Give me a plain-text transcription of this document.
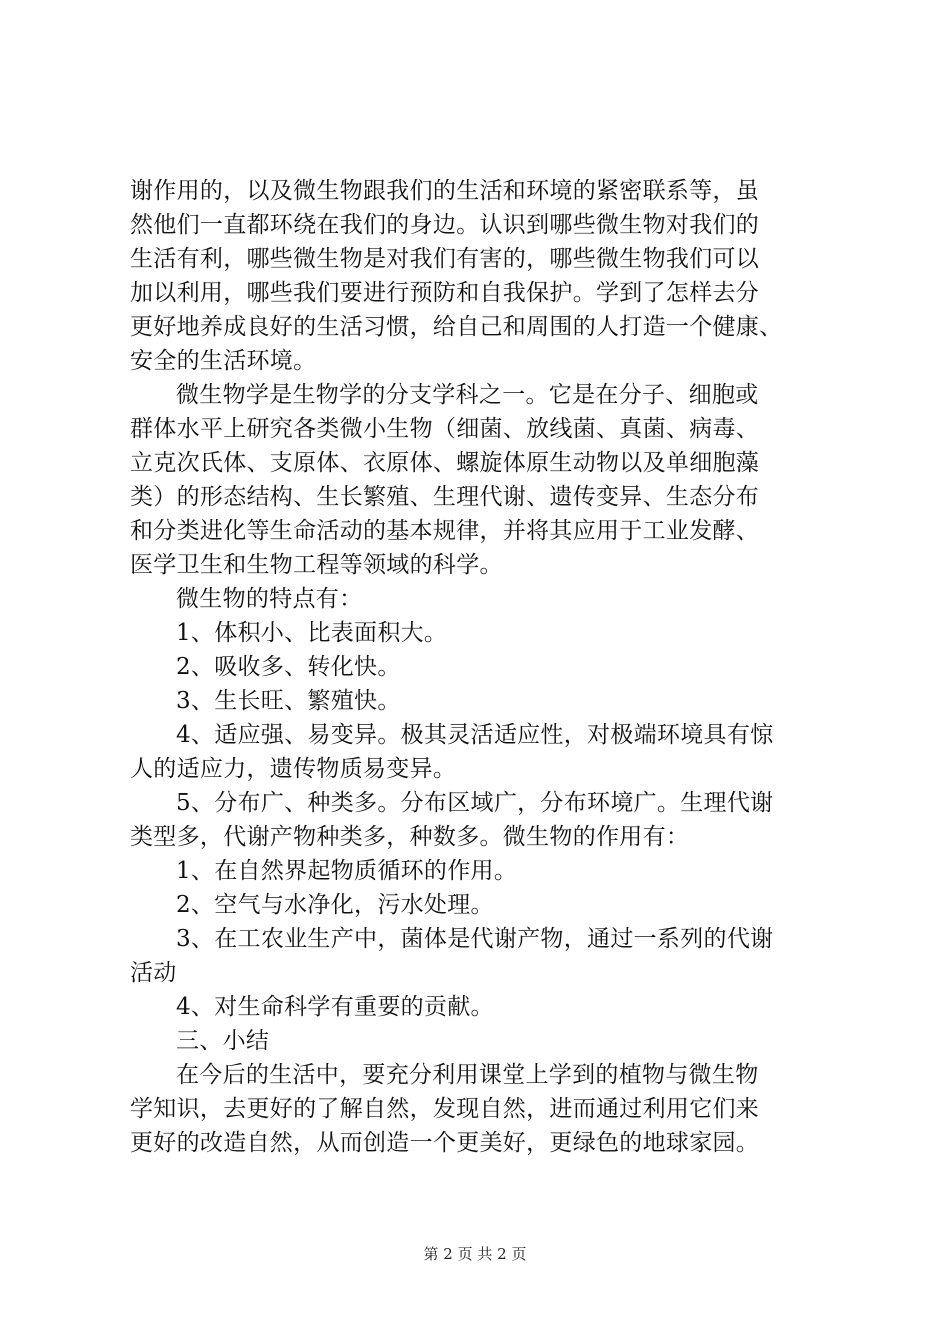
谢作用的，以及微生物跟我们的生活和环境的紧密联系等，虽
然他们一直都环绕在我们的身边。认识到哪些微生物对我们的
生活有利，哪些微生物是对我们有害的，哪些微生物我们可以
加以利用，哪些我们要进行预防和自我保护。学到了怎样去分
更好地养成良好的生活习惯，给自己和周围的人打造一个健康、
安全的生活环境。
微生物学是生物学的分支学科之一。它是在分子、细胞或
群体水平上研究各类微小生物（细菌、放线菌、真菌、病毒、
立克次氏体、支原体、衣原体、螺旋体原生动物以及单细胞藻
类）的形态结构、生长繁殖、生理代谢、遗传变异、生态分布
和分类进化等生命活动的基本规律，并将其应用于工业发酵、
医学卫生和生物工程等领域的科学。
微生物的特点有：
1、体积小、比表面积大。
2、吸收多、转化快。
3、生长旺、繁殖快。
4、适应强、易变异。极其灵活适应性，对极端环境具有惊
人的适应力，遗传物质易变异。
5、分布广、种类多。分布区域广，分布环境广。生理代谢
类型多，代谢产物种类多，种数多。微生物的作用有：
1、在自然界起物质循环的作用。
2、空气与水净化，污水处理。
3、在工农业生产中，菌体是代谢产物，通过一系列的代谢
活动
4、对生命科学有重要的贡献。
三、小结
在今后的生活中，要充分利用课堂上学到的植物与微生物
学知识，去更好的了解自然，发现自然，进而通过利用它们来
更好的改造自然，从而创造一个更美好，更绿色的地球家园。
第 2 页 共 2 页
